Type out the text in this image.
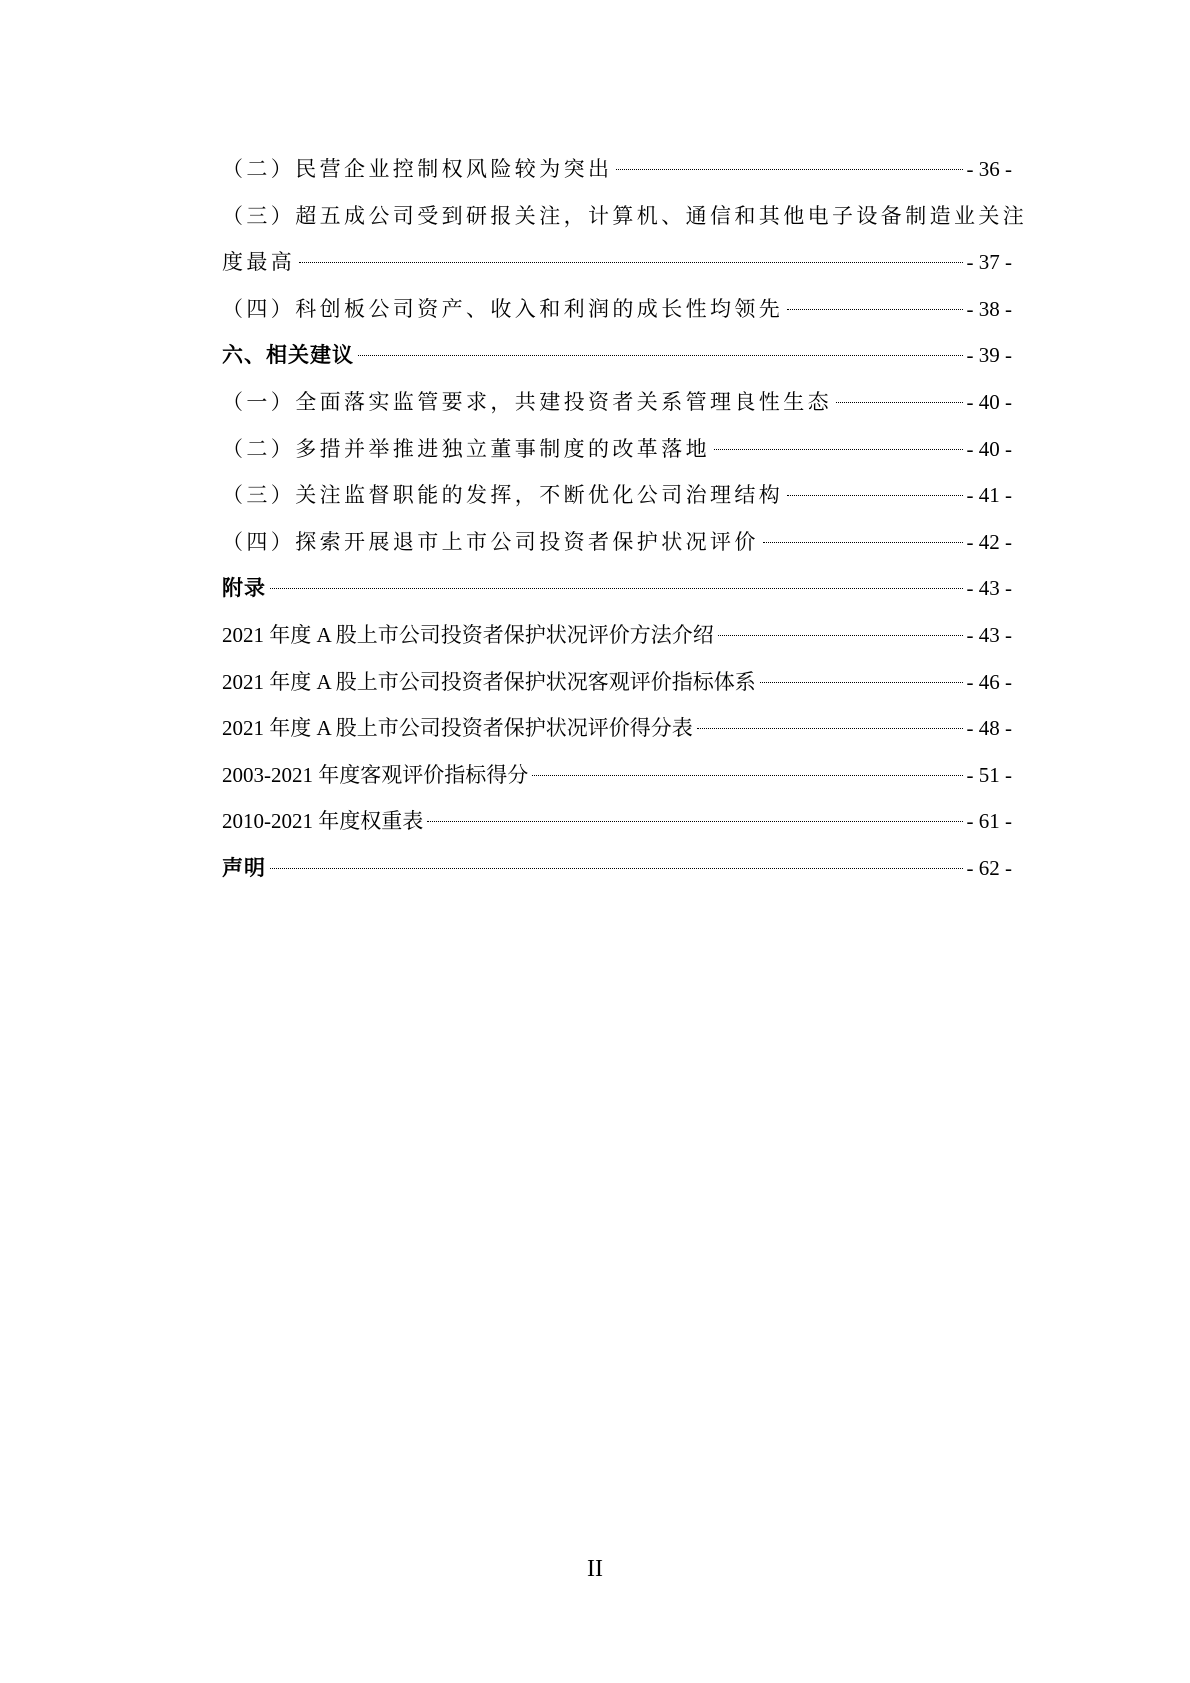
（二）民营企业控制权风险较为突出	- 36 -
（三）超五成公司受到研报关注，计算机、通信和其他电子设备制造业关注
度最高	- 37 -
（四）科创板公司资产、收入和利润的成长性均领先	- 38 -
六、相关建议	- 39 -
（一）全面落实监管要求，共建投资者关系管理良性生态	- 40 -
（二）多措并举推进独立董事制度的改革落地	- 40 -
（三）关注监督职能的发挥，不断优化公司治理结构	- 41 -
（四）探索开展退市上市公司投资者保护状况评价	- 42 -
附录	- 43 -
2021 年度 A 股上市公司投资者保护状况评价方法介绍	- 43 -
2021 年度 A 股上市公司投资者保护状况客观评价指标体系	- 46 -
2021 年度 A 股上市公司投资者保护状况评价得分表	- 48 -
2003-2021 年度客观评价指标得分	- 51 -
2010-2021 年度权重表	- 61 -
声明	- 62 -
II
